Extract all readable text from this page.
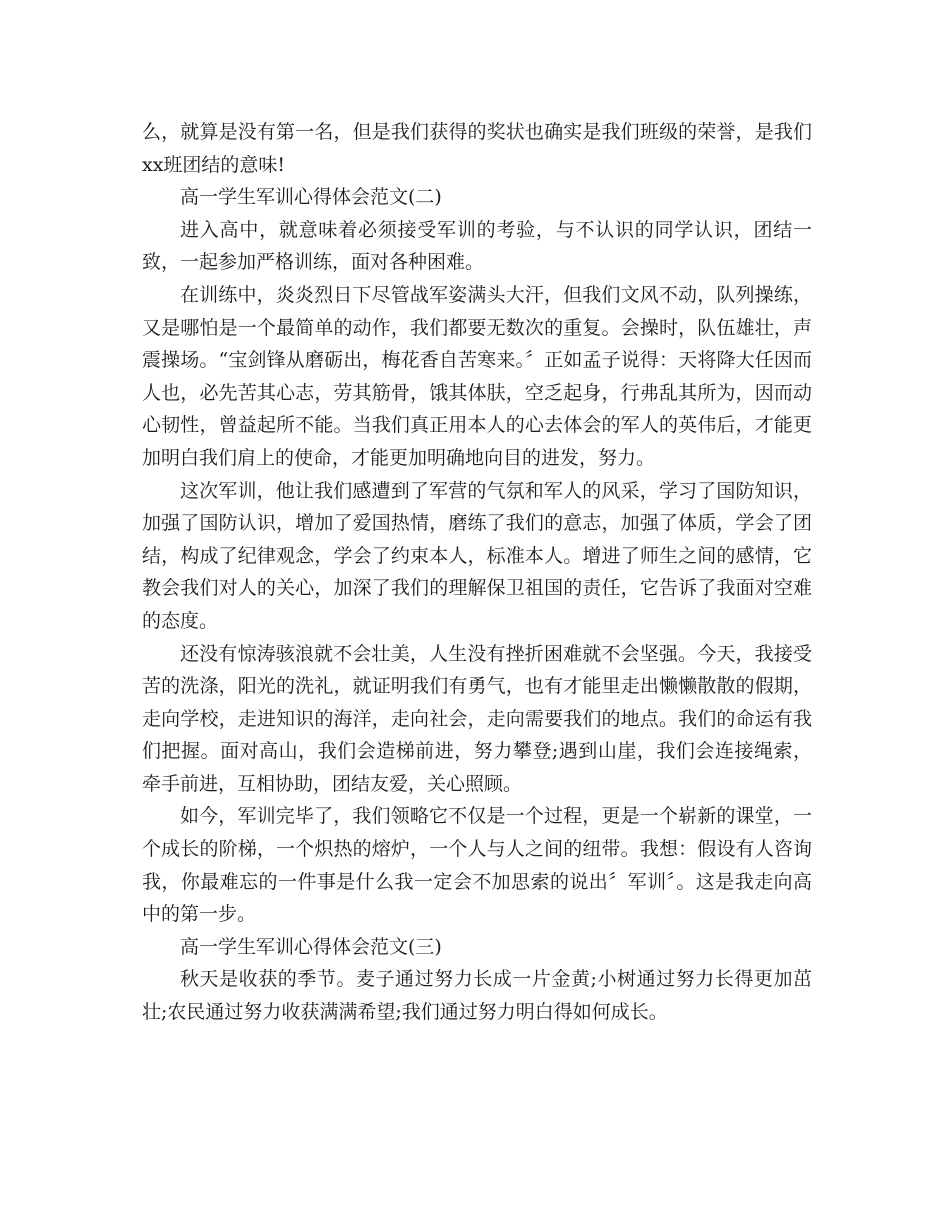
么，就算是没有第一名，但是我们获得的奖状也确实是我们班级的荣誉，是我们xx班团结的意味!

高一学生军训心得体会范文(二)

进入高中，就意味着必须接受军训的考验，与不认识的同学认识，团结一致，一起参加严格训练，面对各种困难。

在训练中，炎炎烈日下尽管战军姿满头大汗，但我们文风不动，队列操练，又是哪怕是一个最简单的动作，我们都要无数次的重复。会操时，队伍雄壮，声震操场。“宝剑锋从磨砺出，梅花香自苦寒来。〞正如孟子说得：天将降大任因而人也，必先苦其心志，劳其筋骨，饿其体肤，空乏起身，行弗乱其所为，因而动心韧性，曾益起所不能。当我们真正用本人的心去体会的军人的英伟后，才能更加明白我们肩上的使命，才能更加明确地向目的进发，努力。

这次军训，他让我们感遭到了军营的气氛和军人的风采，学习了国防知识，加强了国防认识，增加了爱国热情，磨练了我们的意志，加强了体质，学会了团结，构成了纪律观念，学会了约束本人，标准本人。增进了师生之间的感情，它教会我们对人的关心，加深了我们的理解保卫祖国的责任，它告诉了我面对空难的态度。

还没有惊涛骇浪就不会壮美，人生没有挫折困难就不会坚强。今天，我接受苦的洗涤，阳光的洗礼，就证明我们有勇气，也有才能里走出懒懒散散的假期，走向学校，走进知识的海洋，走向社会，走向需要我们的地点。我们的命运有我们把握。面对高山，我们会造梯前进，努力攀登;遇到山崖，我们会连接绳索，牵手前进，互相协助，团结友爱，关心照顾。

如今，军训完毕了，我们领略它不仅是一个过程，更是一个崭新的课堂，一个成长的阶梯，一个炽热的熔炉，一个人与人之间的纽带。我想：假设有人咨询我，你最难忘的一件事是什么我一定会不加思索的说出〞军训〞。这是我走向高中的第一步。

高一学生军训心得体会范文(三)

秋天是收获的季节。麦子通过努力长成一片金黄;小树通过努力长得更加茁壮;农民通过努力收获满满希望;我们通过努力明白得如何成长。
